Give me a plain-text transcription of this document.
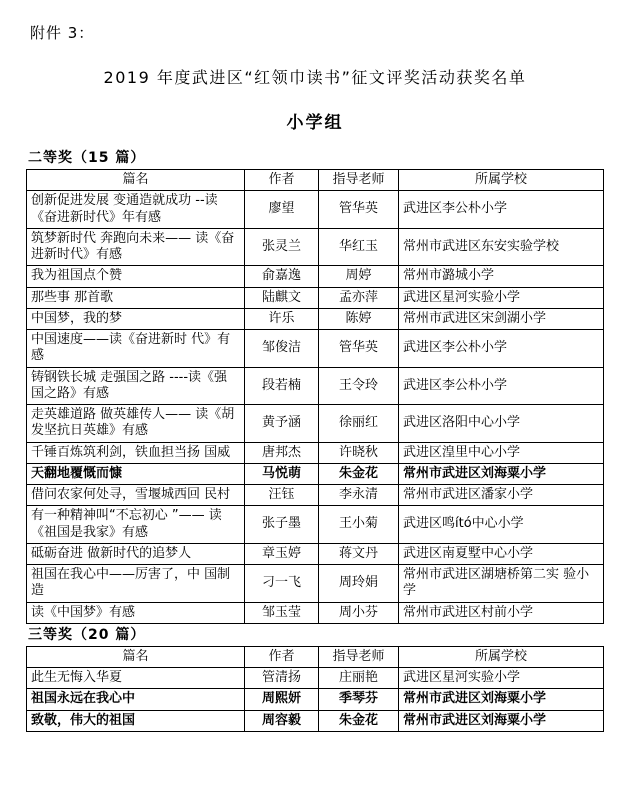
附件 3：
2019 年度武进区“红领巾读书”征文评奖活动获奖名单
小学组
二等奖（15 篇）
篇名	作者	指导老师	所属学校
创新促进发展 变通造就成功 --读《奋进新时代》年有感	廖望	管华英	武进区李公朴小学
筑梦新时代 奔跑向未来—— 读《奋进新时代》有感	张灵兰	华红玉	常州市武进区东安实验学校
我为祖国点个赞	俞嘉逸	周婷	常州市潞城小学
那些事 那首歌	陆麒文	孟亦萍	武进区星河实验小学
中国梦，我的梦	许乐	陈婷	常州市武进区宋剑湖小学
中国速度——读《奋进新时 代》有感	邹俊洁	管华英	武进区李公朴小学
铸钢铁长城 走强国之路 ----读《强国之路》有感	段若楠	王令玲	武进区李公朴小学
走英雄道路 做英雄传人—— 读《胡发坚抗日英雄》有感	黄予涵	徐丽红	武进区洛阳中心小学
千锤百炼筑利剑，铁血担当扬 国威	唐邦杰	许晓秋	武进区湟里中心小学
天翻地覆慨而慷	马悦萌	朱金花	常州市武进区刘海粟小学
借问农家何处寻，雪堰城西回 民村	汪钰	李永清	常州市武进区潘家小学
有一种精神叫“不忘初心 ”—— 读《祖国是我家》有感	张子墨	王小菊	武进区鸣ító中心小学
砥砺奋进 做新时代的追梦人	章玉婷	蒋文丹	武进区南夏墅中心小学
祖国在我心中——厉害了，中 国制造	刁一飞	周玲娟	常州市武进区湖塘桥第二实 验小学
读《中国梦》有感	邹玉莹	周小芬	常州市武进区村前小学
三等奖（20 篇）
篇名	作者	指导老师	所属学校
此生无悔入华夏	管清扬	庄丽艳	武进区星河实验小学
祖国永远在我心中	周熙妍	季琴芬	常州市武进区刘海粟小学
致敬，伟大的祖国	周容毅	朱金花	常州市武进区刘海粟小学
